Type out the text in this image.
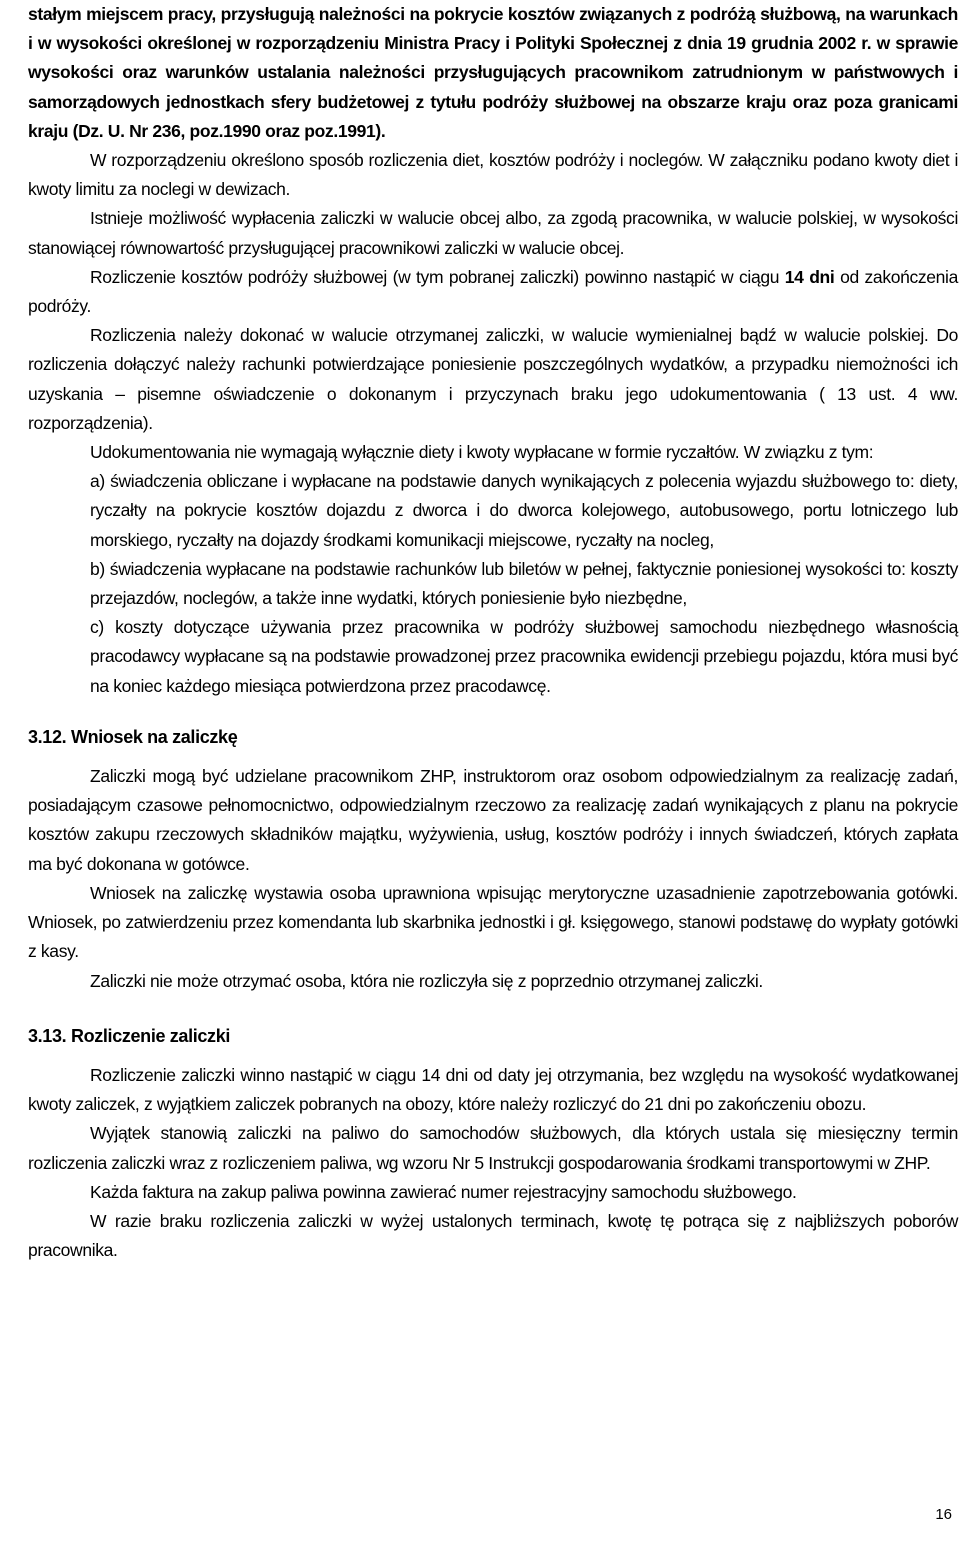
stałym miejscem pracy, przysługują należności na pokrycie kosztów związanych z podróżą służbową, na warunkach i w wysokości określonej w rozporządzeniu Ministra Pracy i Polityki Społecznej z dnia 19 grudnia 2002 r. w sprawie wysokości oraz warunków ustalania należności przysługujących pracownikom zatrudnionym w państwowych i samorządowych jednostkach sfery budżetowej z tytułu podróży służbowej na obszarze kraju oraz poza granicami kraju (Dz. U. Nr 236, poz.1990 oraz poz.1991).

W rozporządzeniu określono sposób rozliczenia diet, kosztów podróży i noclegów. W załączniku podano kwoty diet i kwoty limitu za noclegi w dewizach.

Istnieje możliwość wypłacenia zaliczki w walucie obcej albo, za zgodą pracownika, w walucie polskiej, w wysokości stanowiącej równowartość przysługującej pracownikowi zaliczki w walucie obcej.

Rozliczenie kosztów podróży służbowej (w tym pobranej zaliczki) powinno nastąpić w ciągu 14 dni od zakończenia podróży.

Rozliczenia należy dokonać w walucie otrzymanej zaliczki, w walucie wymienialnej bądź w walucie polskiej. Do rozliczenia dołączyć należy rachunki potwierdzające poniesienie poszczególnych wydatków, a przypadku niemożności ich uzyskania – pisemne oświadczenie o dokonanym i przyczynach braku jego udokumentowania ( 13 ust. 4 ww. rozporządzenia).

Udokumentowania nie wymagają wyłącznie diety i kwoty wypłacane w formie ryczałtów. W związku z tym:

a) świadczenia obliczane i wypłacane na podstawie danych wynikających z polecenia wyjazdu służbowego to: diety, ryczałty na pokrycie kosztów dojazdu z dworca i do dworca kolejowego, autobusowego, portu lotniczego lub morskiego, ryczałty na dojazdy środkami komunikacji miejscowe, ryczałty na nocleg,

b) świadczenia wypłacane na podstawie rachunków lub biletów w pełnej, faktycznie poniesionej wysokości to: koszty przejazdów, noclegów, a także inne wydatki, których poniesienie było niezbędne,

c) koszty dotyczące używania przez pracownika w podróży służbowej samochodu niezbędnego własnością pracodawcy wypłacane są na podstawie prowadzonej przez pracownika ewidencji przebiegu pojazdu, która musi być na koniec każdego miesiąca potwierdzona przez pracodawcę.

3.12. Wniosek na zaliczkę

Zaliczki mogą być udzielane pracownikom ZHP, instruktorom oraz osobom odpowiedzialnym za realizację zadań, posiadającym czasowe pełnomocnictwo, odpowiedzialnym rzeczowo za realizację zadań wynikających z planu na pokrycie kosztów zakupu rzeczowych składników majątku, wyżywienia, usług, kosztów podróży i innych świadczeń, których zapłata ma być dokonana w gotówce.

Wniosek na zaliczkę wystawia osoba uprawniona wpisując merytoryczne uzasadnienie zapotrzebowania gotówki. Wniosek, po zatwierdzeniu przez komendanta lub skarbnika jednostki i gł. księgowego, stanowi podstawę do wypłaty gotówki z kasy.

Zaliczki nie może otrzymać osoba, która nie rozliczyła się z poprzednio otrzymanej zaliczki.

3.13. Rozliczenie zaliczki

Rozliczenie zaliczki winno nastąpić w ciągu 14 dni od daty jej otrzymania, bez względu na wysokość wydatkowanej kwoty zaliczek, z wyjątkiem zaliczek pobranych na obozy, które należy rozliczyć do 21 dni po zakończeniu obozu.

Wyjątek stanowią zaliczki na paliwo do samochodów służbowych, dla których ustala się miesięczny termin rozliczenia zaliczki wraz z rozliczeniem paliwa, wg wzoru Nr 5 Instrukcji gospodarowania środkami transportowymi w ZHP.

Każda faktura na zakup paliwa powinna zawierać numer rejestracyjny samochodu służbowego.

W razie braku rozliczenia zaliczki w wyżej ustalonych terminach, kwotę tę potrąca się z najbliższych poborów pracownika.

16
